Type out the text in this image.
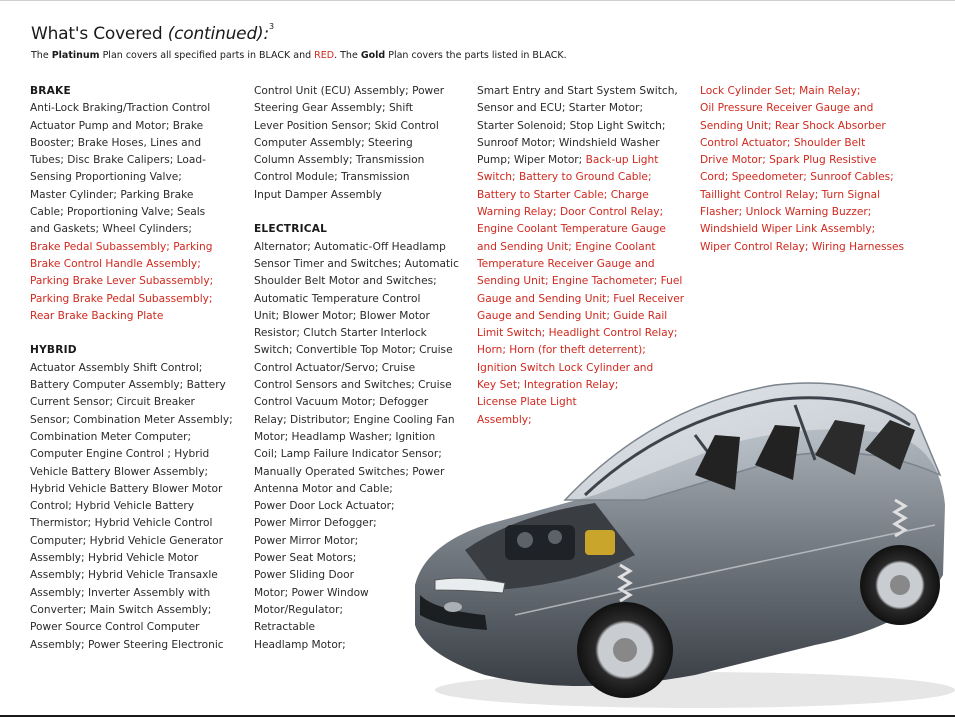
What's Covered (continued):$^3$
The Platinum Plan covers all specified parts in BLACK and RED. The Gold Plan covers the parts listed in BLACK.
BRAKE
Anti-Lock Braking/Traction Control
Actuator Pump and Motor; Brake
Booster; Brake Hoses, Lines and
Tubes; Disc Brake Calipers; Load-
Sensing Proportioning Valve;
Master Cylinder; Parking Brake
Cable; Proportioning Valve; Seals
and Gaskets; Wheel Cylinders;
Brake Pedal Subassembly; Parking
Brake Control Handle Assembly;
Parking Brake Lever Subassembly;
Parking Brake Pedal Subassembly;
Rear Brake Backing Plate
HYBRID
Actuator Assembly Shift Control;
Battery Computer Assembly; Battery
Current Sensor; Circuit Breaker
Sensor; Combination Meter Assembly;
Combination Meter Computer;
Computer Engine Control ; Hybrid
Vehicle Battery Blower Assembly;
Hybrid Vehicle Battery Blower Motor
Control; Hybrid Vehicle Battery
Thermistor; Hybrid Vehicle Control
Computer; Hybrid Vehicle Generator
Assembly; Hybrid Vehicle Motor
Assembly; Hybrid Vehicle Transaxle
Assembly; Inverter Assembly with
Converter; Main Switch Assembly;
Power Source Control Computer
Assembly; Power Steering Electronic
Control Unit (ECU) Assembly; Power
Steering Gear Assembly; Shift
Lever Position Sensor; Skid Control
Computer Assembly; Steering
Column Assembly; Transmission
Control Module; Transmission
Input Damper Assembly
ELECTRICAL
Alternator; Automatic-Off Headlamp
Sensor Timer and Switches; Automatic
Shoulder Belt Motor and Switches;
Automatic Temperature Control
Unit; Blower Motor; Blower Motor
Resistor; Clutch Starter Interlock
Switch; Convertible Top Motor; Cruise
Control Actuator/Servo; Cruise
Control Sensors and Switches; Cruise
Control Vacuum Motor; Defogger
Relay; Distributor; Engine Cooling Fan
Motor; Headlamp Washer; Ignition
Coil; Lamp Failure Indicator Sensor;
Manually Operated Switches; Power
Antenna Motor and Cable;
Power Door Lock Actuator;
Power Mirror Defogger;
Power Mirror Motor;
Power Seat Motors;
Power Sliding Door
Motor; Power Window
Motor/Regulator;
Retractable
Headlamp Motor;
Smart Entry and Start System Switch,
Sensor and ECU; Starter Motor;
Starter Solenoid; Stop Light Switch;
Sunroof Motor; Windshield Washer
Pump; Wiper Motor; Back-up Light
Switch; Battery to Ground Cable;
Battery to Starter Cable; Charge
Warning Relay; Door Control Relay;
Engine Coolant Temperature Gauge
and Sending Unit; Engine Coolant
Temperature Receiver Gauge and
Sending Unit; Engine Tachometer; Fuel
Gauge and Sending Unit; Fuel Receiver
Gauge and Sending Unit; Guide Rail
Limit Switch; Headlight Control Relay;
Horn; Horn (for theft deterrent);
Ignition Switch Lock Cylinder and
Key Set; Integration Relay;
License Plate Light
Assembly;
Lock Cylinder Set; Main Relay;
Oil Pressure Receiver Gauge and
Sending Unit; Rear Shock Absorber
Control Actuator; Shoulder Belt
Drive Motor; Spark Plug Resistive
Cord; Speedometer; Sunroof Cables;
Taillight Control Relay; Turn Signal
Flasher; Unlock Warning Buzzer;
Windshield Wiper Link Assembly;
Wiper Control Relay; Wiring Harnesses
